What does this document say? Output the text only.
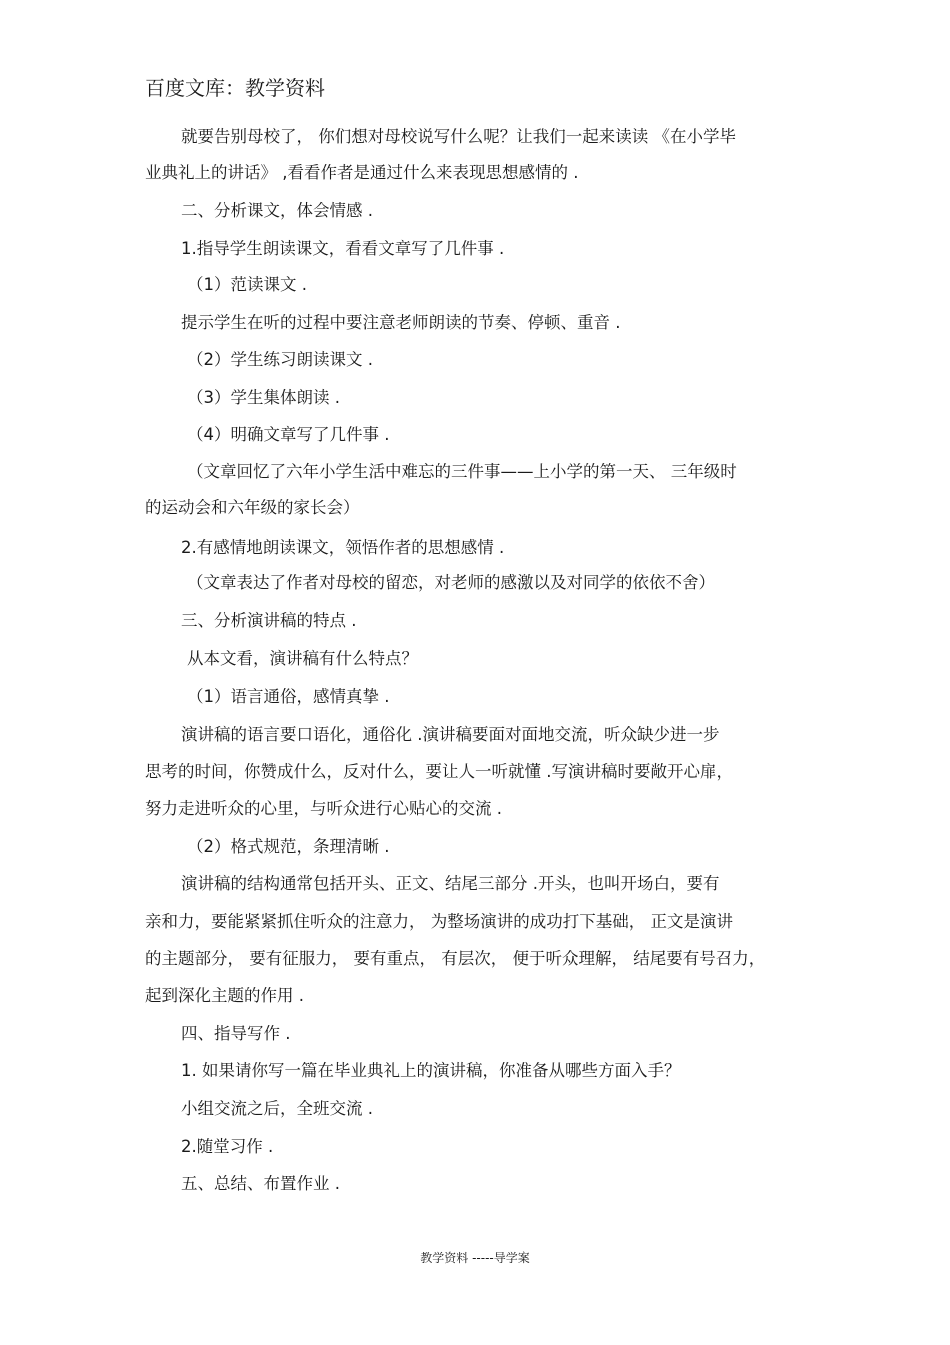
百度文库：教学资料
就要告别母校了， 你们想对母校说写什么呢？让我们一起来读读 《在小学毕
业典礼上的讲话》 ,看看作者是通过什么来表现思想感情的 .
二、分析课文，体会情感 .
1.指导学生朗读课文，看看文章写了几件事 .
（1）范读课文 .
提示学生在听的过程中要注意老师朗读的节奏、停顿、重音 .
（2）学生练习朗读课文 .
（3）学生集体朗读 .
（4）明确文章写了几件事 .
（文章回忆了六年小学生活中难忘的三件事——上小学的第一天、 三年级时
的运动会和六年级的家长会）
2.有感情地朗读课文，领悟作者的思想感情 .
（文章表达了作者对母校的留恋，对老师的感激以及对同学的依依不舍）
三、分析演讲稿的特点 .
从本文看，演讲稿有什么特点？
（1）语言通俗，感情真挚 .
演讲稿的语言要口语化，通俗化 .演讲稿要面对面地交流，听众缺少进一步
思考的时间，你赞成什么，反对什么，要让人一听就懂 .写演讲稿时要敞开心扉，
努力走进听众的心里，与听众进行心贴心的交流 .
（2）格式规范，条理清晰 .
演讲稿的结构通常包括开头、正文、结尾三部分 .开头，也叫开场白，要有
亲和力，要能紧紧抓住听众的注意力， 为整场演讲的成功打下基础， 正文是演讲
的主题部分， 要有征服力， 要有重点， 有层次， 便于听众理解， 结尾要有号召力，
起到深化主题的作用 .
四、指导写作 .
1. 如果请你写一篇在毕业典礼上的演讲稿，你准备从哪些方面入手？
小组交流之后，全班交流 .
2.随堂习作 .
五、总结、布置作业 .
教学资料 -----导学案
